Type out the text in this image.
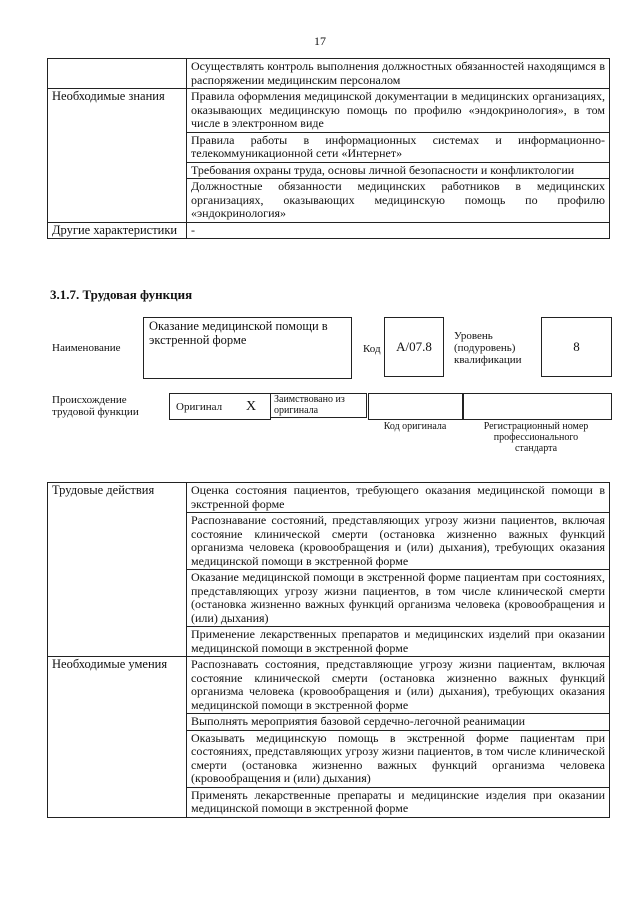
17
	Осуществлять контроль выполнения должностных обязанностей находящимся в распоряжении медицинским персоналом
Необходимые знания	Правила оформления медицинской документации в медицинских организациях, оказывающих медицинскую помощь по профилю «эндокринология», в том числе в электронном виде
	Правила работы в информационных системах и информационно-телекоммуникационной сети «Интернет»
	Требования охраны труда, основы личной безопасности и конфликтологии
	Должностные обязанности медицинских работников в медицинских организациях, оказывающих медицинскую помощь по профилю «эндокринология»
Другие характеристики	-
3.1.7. Трудовая функция
Наименование
Оказание медицинской помощи в экстренной форме
Код	A/07.8
Уровень (подуровень) квалификации
8
Происхождение трудовой функции	Оригинал X	Заимствовано из оригинала
Код оригинала	Регистрационный номер профессионального стандарта
Трудовые действия	Оценка состояния пациентов, требующего оказания медицинской помощи в экстренной форме
	Распознавание состояний, представляющих угрозу жизни пациентов, включая состояние клинической смерти (остановка жизненно важных функций организма человека (кровообращения и (или) дыхания), требующих оказания медицинской помощи в экстренной форме
	Оказание медицинской помощи в экстренной форме пациентам при состояниях, представляющих угрозу жизни пациентов, в том числе клинической смерти (остановка жизненно важных функций организма человека (кровообращения и (или) дыхания)
	Применение лекарственных препаратов и медицинских изделий при оказании медицинской помощи в экстренной форме
Необходимые умения	Распознавать состояния, представляющие угрозу жизни пациентам, включая состояние клинической смерти (остановка жизненно важных функций организма человека (кровообращения и (или) дыхания), требующих оказания медицинской помощи в экстренной форме
	Выполнять мероприятия базовой сердечно-легочной реанимации
	Оказывать медицинскую помощь в экстренной форме пациентам при состояниях, представляющих угрозу жизни пациентов, в том числе клинической смерти (остановка жизненно важных функций организма человека (кровообращения и (или) дыхания)
	Применять лекарственные препараты и медицинские изделия при оказании медицинской помощи в экстренной форме
